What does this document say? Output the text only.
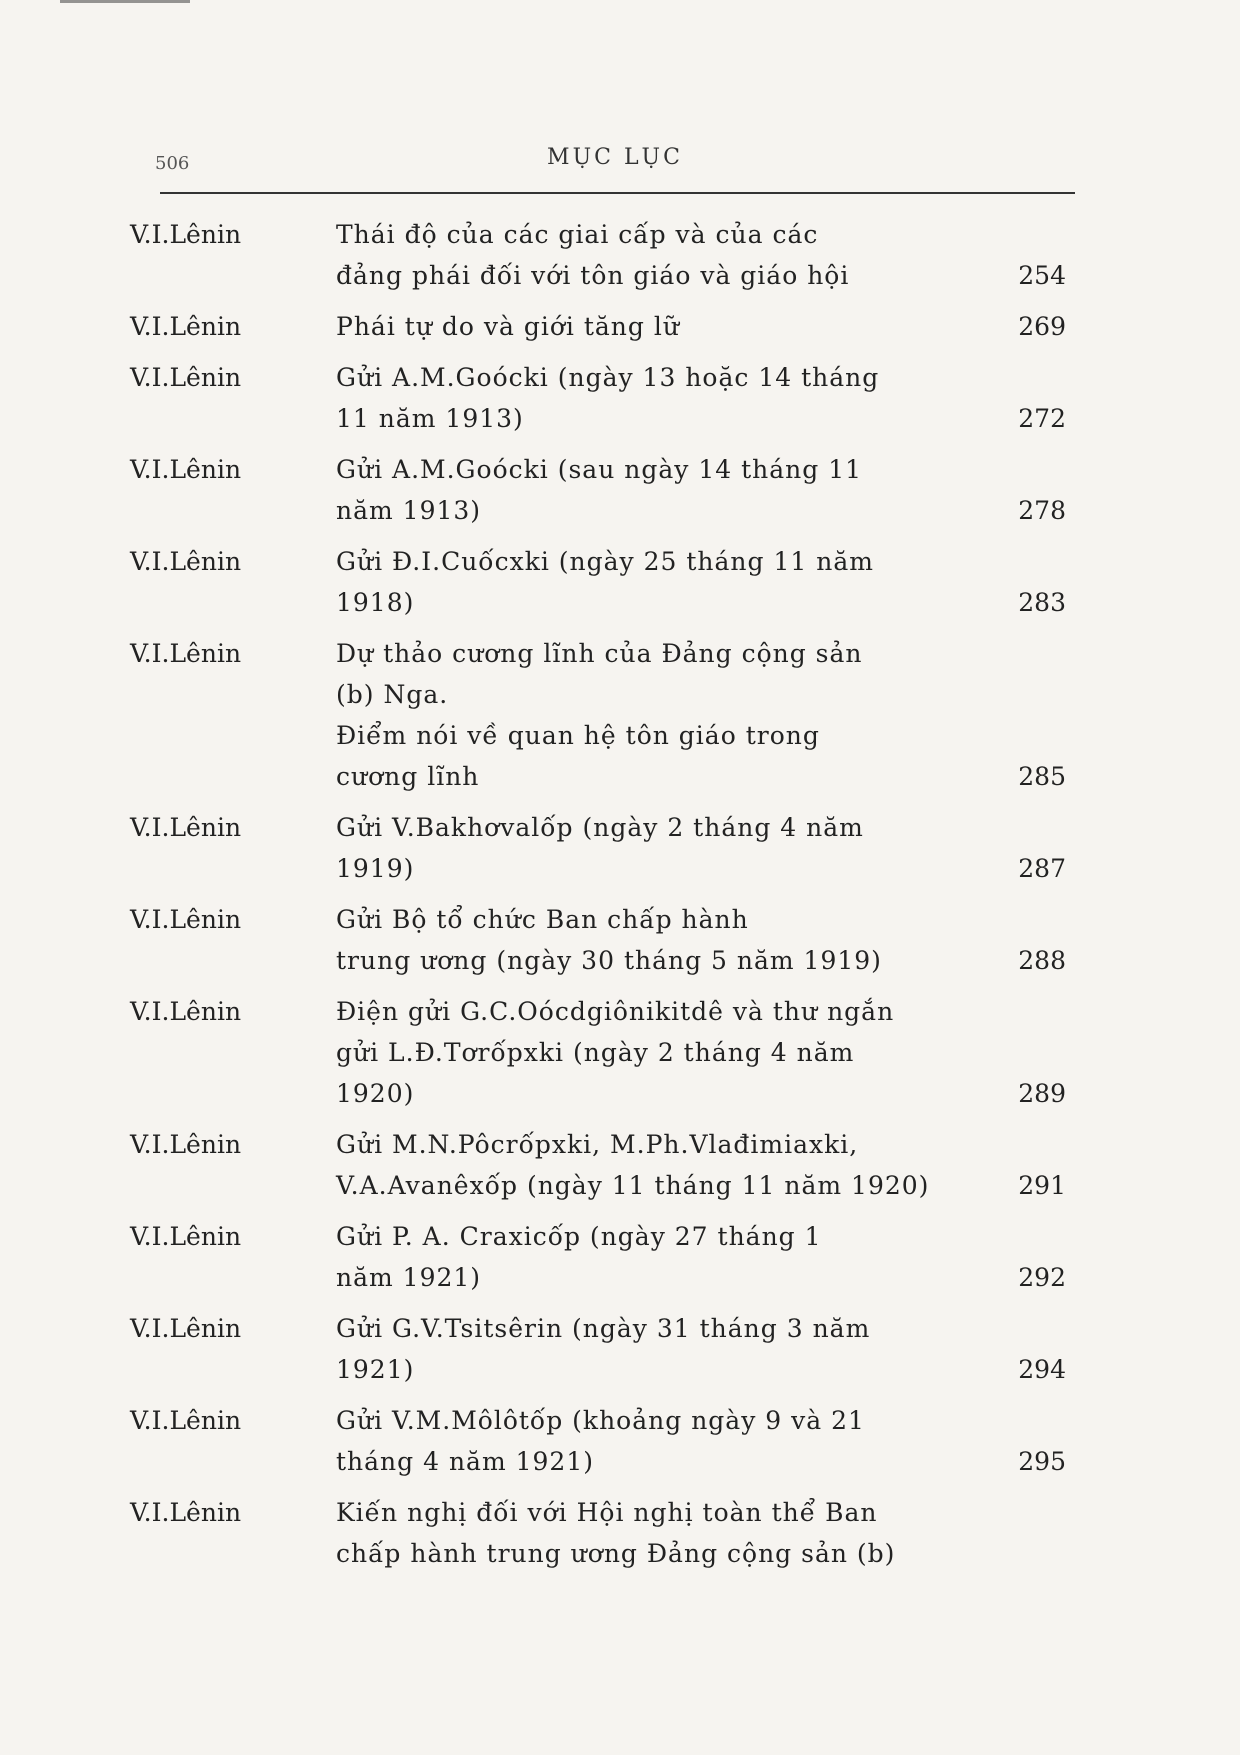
506	MỤC LỤC
V.I.Lênin	Thái độ của các giai cấp và của các
đảng phái đối với tôn giáo và giáo hội	254
V.I.Lênin	Phái tự do và giới tăng lữ	269
V.I.Lênin	Gửi A.M.Goócki (ngày 13 hoặc 14 tháng
11 năm 1913)	272
V.I.Lênin	Gửi A.M.Goócki (sau ngày 14 tháng 11
năm 1913)	278
V.I.Lênin	Gửi Đ.I.Cuốcxki (ngày 25 tháng 11 năm
1918)	283
V.I.Lênin	Dự thảo cương lĩnh của Đảng cộng sản
(b) Nga.
Điểm nói về quan hệ tôn giáo trong
cương lĩnh	285
V.I.Lênin	Gửi V.Bakhơvalốp (ngày 2 tháng 4 năm
1919)	287
V.I.Lênin	Gửi Bộ tổ chức Ban chấp hành
trung ương (ngày 30 tháng 5 năm 1919)	288
V.I.Lênin	Điện gửi G.C.Oócdgiônikitdê và thư ngắn
gửi L.Đ.Tơrốpxki (ngày 2 tháng 4 năm
1920)	289
V.I.Lênin	Gửi M.N.Pôcrốpxki, M.Ph.Vlađimiaxki,
V.A.Avanêxốp (ngày 11 tháng 11 năm 1920)	291
V.I.Lênin	Gửi P. A. Craxicốp (ngày 27 tháng 1
năm 1921)	292
V.I.Lênin	Gửi G.V.Tsitsêrin (ngày 31 tháng 3 năm
1921)	294
V.I.Lênin	Gửi V.M.Môlôtốp (khoảng ngày 9 và 21
tháng 4 năm 1921)	295
V.I.Lênin	Kiến nghị đối với Hội nghị toàn thể Ban
chấp hành trung ương Đảng cộng sản (b)
